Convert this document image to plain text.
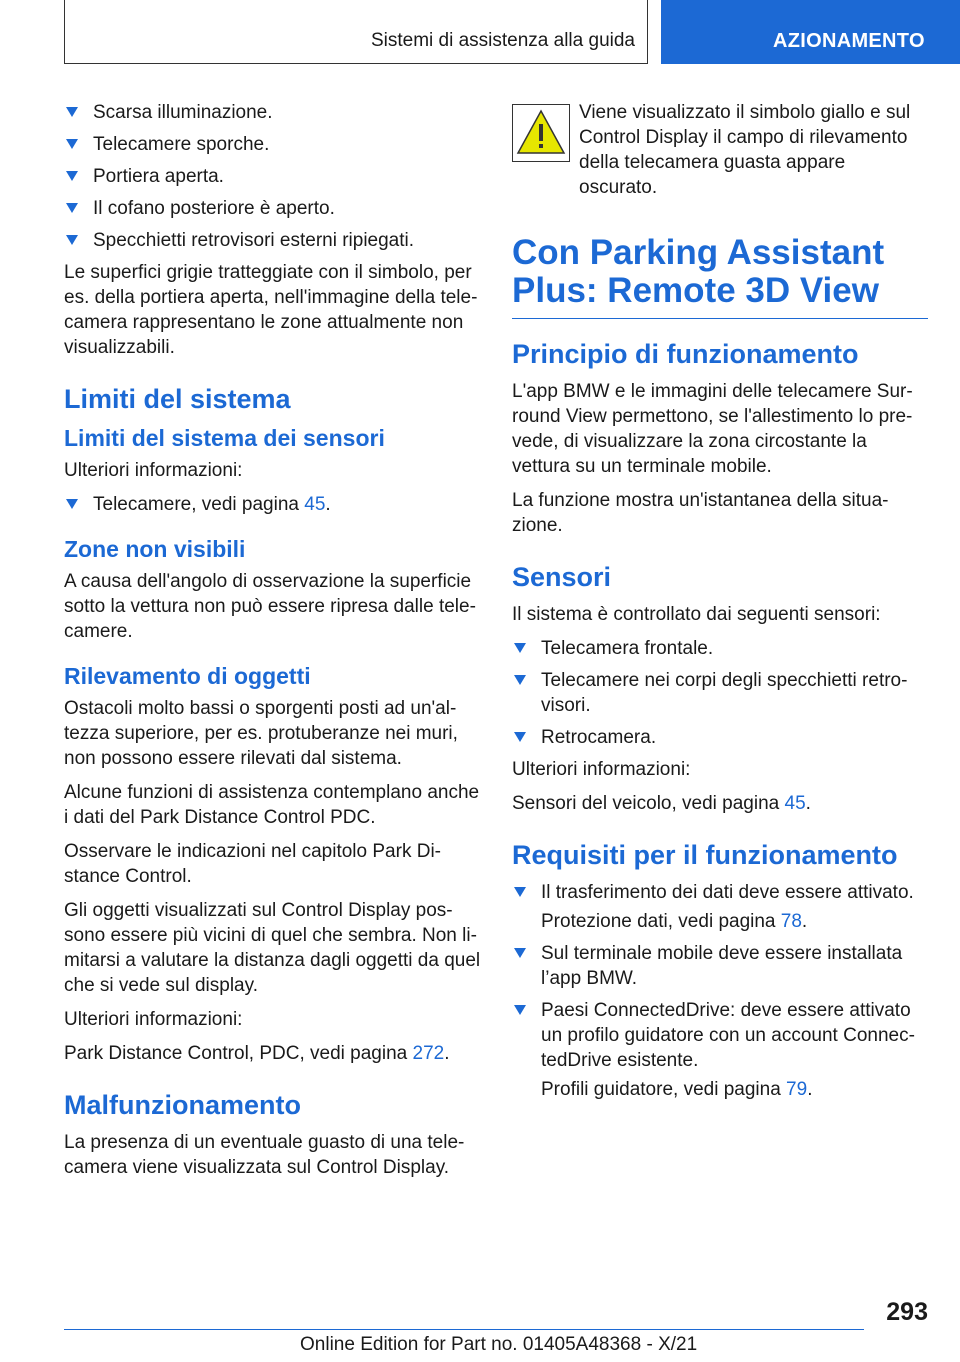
Sistemi di assistenza alla guida	AZIONAMENTO
Scarsa illuminazione.
Telecamere sporche.
Portiera aperta.
Il cofano posteriore è aperto.
Specchietti retrovisori esterni ripiegati.

Le superfici grigie tratteggiate con il simbolo, per es. della portiera aperta, nell'immagine della telecamera rappresentano le zone attualmente non visualizzabili.

Limiti del sistema
Limiti del sistema dei sensori

Ulteriori informazioni:

Telecamere, vedi pagina 45.
Zone non visibili

A causa dell'angolo di osservazione la superficie sotto la vettura non può essere ripresa dalle telecamere.

Rilevamento di oggetti

Ostacoli molto bassi o sporgenti posti ad un'altezza superiore, per es. protuberanze nei muri, non possono essere rilevati dal sistema.

Alcune funzioni di assistenza contemplano anche i dati del Park Distance Control PDC.

Osservare le indicazioni nel capitolo Park Distance Control.

Gli oggetti visualizzati sul Control Display possono essere più vicini di quel che sembra. Non limitarsi a valutare la distanza dagli oggetti da quel che si vede sul display.

Ulteriori informazioni:

Park Distance Control, PDC, vedi pagina 272.

Malfunzionamento

La presenza di un eventuale guasto di una telecamera viene visualizzata sul Control Display.

Viene visualizzato il simbolo giallo e sul Control Display il campo di rilevamento della telecamera guasta appare oscurato.

Con Parking Assistant Plus: Remote 3D View
Principio di funzionamento

L'app BMW e le immagini delle telecamere Surround View permettono, se l'allestimento lo prevede, di visualizzare la zona circostante la vettura su un terminale mobile.

La funzione mostra un'istantanea della situazione.

Sensori

Il sistema è controllato dai seguenti sensori:

Telecamera frontale.
Telecamere nei corpi degli specchietti retrovisori.
Retrocamera.

Ulteriori informazioni:

Sensori del veicolo, vedi pagina 45.

Requisiti per il funzionamento
Il trasferimento dei dati deve essere attivato.

Protezione dati, vedi pagina 78.

Sul terminale mobile deve essere installata l’app BMW.
Paesi ConnectedDrive: deve essere attivato un profilo guidatore con un account ConnectedDrive esistente.

Profili guidatore, vedi pagina 79.

293
Online Edition for Part no. 01405A48368 - X/21
